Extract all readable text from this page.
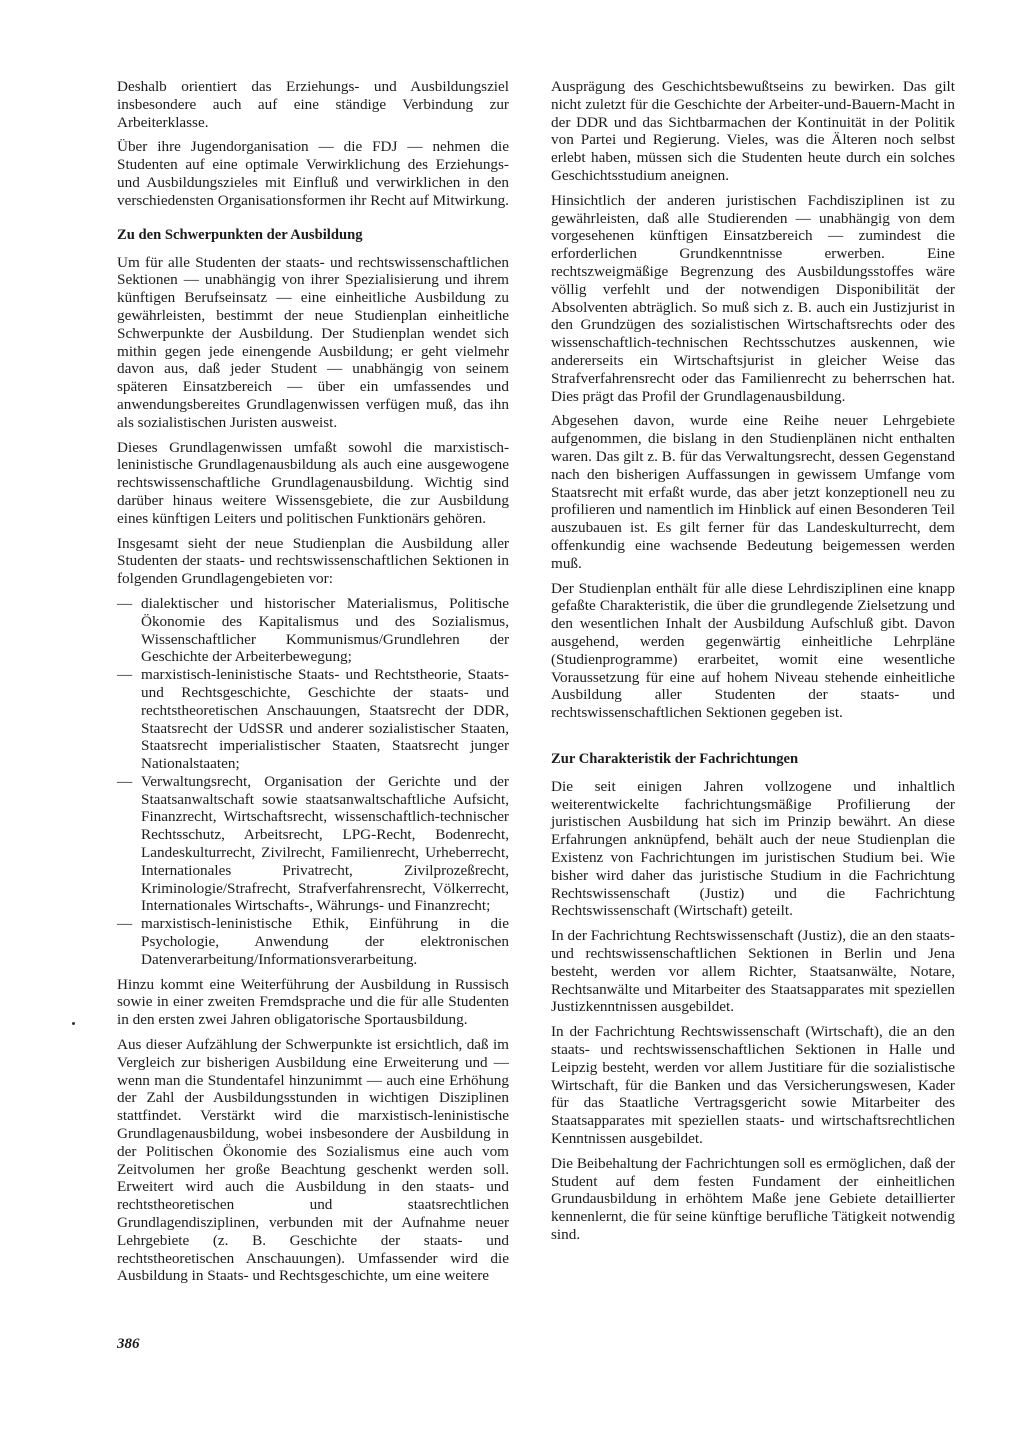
Deshalb orientiert das Erziehungs- und Ausbildungsziel insbesondere auch auf eine ständige Verbindung zur Arbeiterklasse.

Über ihre Jugendorganisation — die FDJ — nehmen die Studenten auf eine optimale Verwirklichung des Erziehungs- und Ausbildungszieles mit Einfluß und verwirklichen in den verschiedensten Organisationsformen ihr Recht auf Mitwirkung.

Zu den Schwerpunkten der Ausbildung

Um für alle Studenten der staats- und rechtswissenschaftlichen Sektionen — unabhängig von ihrer Spezialisierung und ihrem künftigen Berufseinsatz — eine einheitliche Ausbildung zu gewährleisten, bestimmt der neue Studienplan einheitliche Schwerpunkte der Ausbildung. Der Studienplan wendet sich mithin gegen jede einengende Ausbildung; er geht vielmehr davon aus, daß jeder Student — unabhängig von seinem späteren Einsatzbereich — über ein umfassendes und anwendungsbereites Grundlagenwissen verfügen muß, das ihn als sozialistischen Juristen ausweist.

Dieses Grundlagenwissen umfaßt sowohl die marxistisch-leninistische Grundlagenausbildung als auch eine ausgewogene rechtswissenschaftliche Grundlagenausbildung. Wichtig sind darüber hinaus weitere Wissensgebiete, die zur Ausbildung eines künftigen Leiters und politischen Funktionärs gehören.

Insgesamt sieht der neue Studienplan die Ausbildung aller Studenten der staats- und rechtswissenschaftlichen Sektionen in folgenden Grundlagengebieten vor:

— dialektischer und historischer Materialismus, Politische Ökonomie des Kapitalismus und des Sozialismus, Wissenschaftlicher Kommunismus/Grundlehren der Geschichte der Arbeiterbewegung;
— marxistisch-leninistische Staats- und Rechtstheorie, Staats- und Rechtsgeschichte, Geschichte der staats- und rechtstheoretischen Anschauungen, Staatsrecht der DDR, Staatsrecht der UdSSR und anderer sozialistischer Staaten, Staatsrecht imperialistischer Staaten, Staatsrecht junger Nationalstaaten;
— Verwaltungsrecht, Organisation der Gerichte und der Staatsanwaltschaft sowie staatsanwaltschaftliche Aufsicht, Finanzrecht, Wirtschaftsrecht, wissenschaftlich-technischer Rechtsschutz, Arbeitsrecht, LPG-Recht, Bodenrecht, Landeskulturrecht, Zivilrecht, Familienrecht, Urheberrecht, Internationales Privatrecht, Zivilprozeßrecht, Kriminologie/Strafrecht, Strafverfahrensrecht, Völkerrecht, Internationales Wirtschafts-, Währungs- und Finanzrecht;
— marxistisch-leninistische Ethik, Einführung in die Psychologie, Anwendung der elektronischen Datenverarbeitung/Informationsverarbeitung.

Hinzu kommt eine Weiterführung der Ausbildung in Russisch sowie in einer zweiten Fremdsprache und die für alle Studenten in den ersten zwei Jahren obligatorische Sportausbildung.

Aus dieser Aufzählung der Schwerpunkte ist ersichtlich, daß im Vergleich zur bisherigen Ausbildung eine Erweiterung und — wenn man die Stundentafel hinzunimmt — auch eine Erhöhung der Zahl der Ausbildungsstunden in wichtigen Disziplinen stattfindet. Verstärkt wird die marxistisch-leninistische Grundlagenausbildung, wobei insbesondere der Ausbildung in der Politischen Ökonomie des Sozialismus eine auch vom Zeitvolumen her große Beachtung geschenkt werden soll. Erweitert wird auch die Ausbildung in den staats- und rechtstheoretischen und staatsrechtlichen Grundlagendisziplinen, verbunden mit der Aufnahme neuer Lehrgebiete (z. B. Geschichte der staats- und rechtstheoretischen Anschauungen). Umfassender wird die Ausbildung in Staats- und Rechtsgeschichte, um eine weitere

Ausprägung des Geschichtsbewußtseins zu bewirken. Das gilt nicht zuletzt für die Geschichte der Arbeiter-und-Bauern-Macht in der DDR und das Sichtbarmachen der Kontinuität in der Politik von Partei und Regierung. Vieles, was die Älteren noch selbst erlebt haben, müssen sich die Studenten heute durch ein solches Geschichtsstudium aneignen.

Hinsichtlich der anderen juristischen Fachdisziplinen ist zu gewährleisten, daß alle Studierenden — unabhängig von dem vorgesehenen künftigen Einsatzbereich — zumindest die erforderlichen Grundkenntnisse erwerben. Eine rechtszweigmäßige Begrenzung des Ausbildungsstoffes wäre völlig verfehlt und der notwendigen Disponibilität der Absolventen abträglich. So muß sich z. B. auch ein Justizjurist in den Grundzügen des sozialistischen Wirtschaftsrechts oder des wissenschaftlich-technischen Rechtsschutzes auskennen, wie andererseits ein Wirtschaftsjurist in gleicher Weise das Strafverfahrensrecht oder das Familienrecht zu beherrschen hat. Dies prägt das Profil der Grundlagenausbildung.

Abgesehen davon, wurde eine Reihe neuer Lehrgebiete aufgenommen, die bislang in den Studienplänen nicht enthalten waren. Das gilt z. B. für das Verwaltungsrecht, dessen Gegenstand nach den bisherigen Auffassungen in gewissem Umfange vom Staatsrecht mit erfaßt wurde, das aber jetzt konzeptionell neu zu profilieren und namentlich im Hinblick auf einen Besonderen Teil auszubauen ist. Es gilt ferner für das Landeskulturrecht, dem offenkundig eine wachsende Bedeutung beigemessen werden muß.

Der Studienplan enthält für alle diese Lehrdisziplinen eine knapp gefaßte Charakteristik, die über die grundlegende Zielsetzung und den wesentlichen Inhalt der Ausbildung Aufschluß gibt. Davon ausgehend, werden gegenwärtig einheitliche Lehrpläne (Studienprogramme) erarbeitet, womit eine wesentliche Voraussetzung für eine auf hohem Niveau stehende einheitliche Ausbildung aller Studenten der staats- und rechtswissenschaftlichen Sektionen gegeben ist.

Zur Charakteristik der Fachrichtungen

Die seit einigen Jahren vollzogene und inhaltlich weiterentwickelte fachrichtungsmäßige Profilierung der juristischen Ausbildung hat sich im Prinzip bewährt. An diese Erfahrungen anknüpfend, behält auch der neue Studienplan die Existenz von Fachrichtungen im juristischen Studium bei. Wie bisher wird daher das juristische Studium in die Fachrichtung Rechtswissenschaft (Justiz) und die Fachrichtung Rechtswissenschaft (Wirtschaft) geteilt.

In der Fachrichtung Rechtswissenschaft (Justiz), die an den staats- und rechtswissenschaftlichen Sektionen in Berlin und Jena besteht, werden vor allem Richter, Staatsanwälte, Notare, Rechtsanwälte und Mitarbeiter des Staatsapparates mit speziellen Justizkenntnissen ausgebildet.

In der Fachrichtung Rechtswissenschaft (Wirtschaft), die an den staats- und rechtswissenschaftlichen Sektionen in Halle und Leipzig besteht, werden vor allem Justitiare für die sozialistische Wirtschaft, für die Banken und das Versicherungswesen, Kader für das Staatliche Vertragsgericht sowie Mitarbeiter des Staatsapparates mit speziellen staats- und wirtschaftsrechtlichen Kenntnissen ausgebildet.

Die Beibehaltung der Fachrichtungen soll es ermöglichen, daß der Student auf dem festen Fundament der einheitlichen Grundausbildung in erhöhtem Maße jene Gebiete detaillierter kennenlernt, die für seine künftige berufliche Tätigkeit notwendig sind.

386
